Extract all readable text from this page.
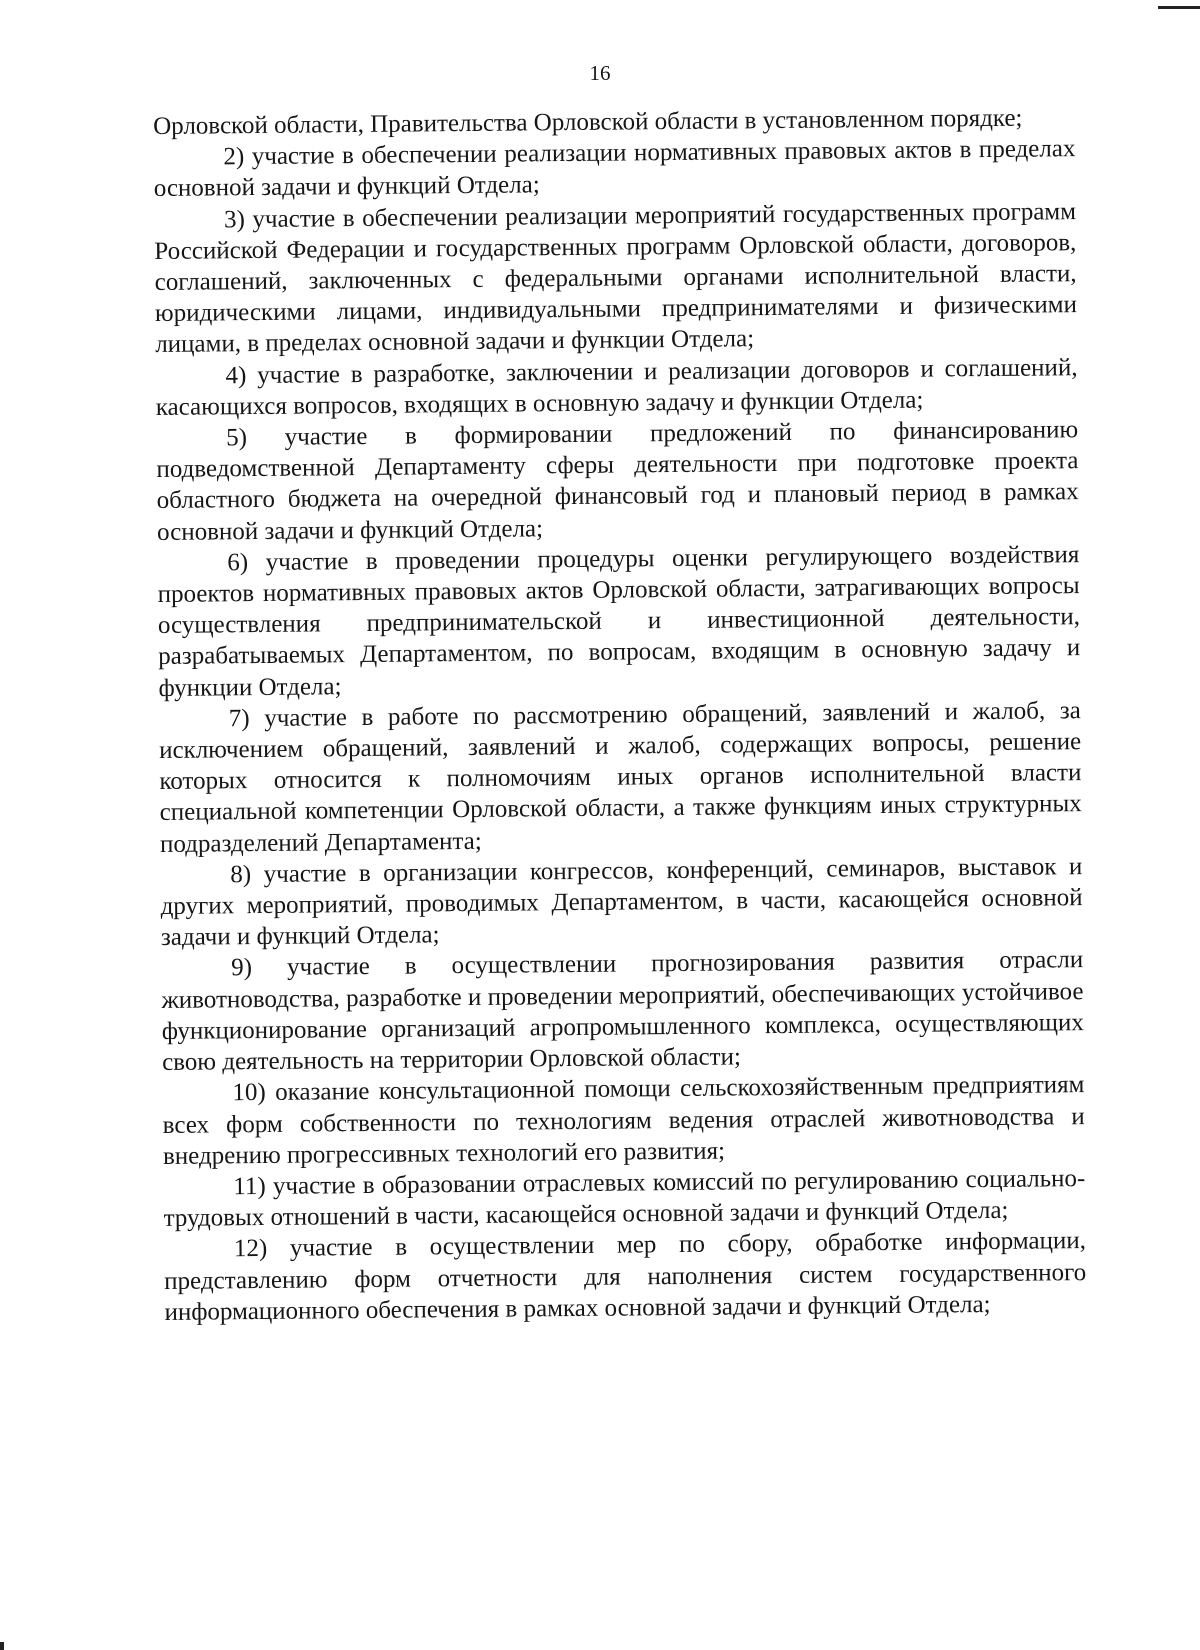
16

Орловской области, Правительства Орловской области в установленном порядке;

2) участие в обеспечении реализации нормативных правовых актов в пределах основной задачи и функций Отдела;

3) участие в обеспечении реализации мероприятий государственных программ Российской Федерации и государственных программ Орловской области, договоров, соглашений, заключенных с федеральными органами исполнительной власти, юридическими лицами, индивидуальными предпринимателями и физическими лицами, в пределах основной задачи и функции Отдела;

4) участие в разработке, заключении и реализации договоров и соглашений, касающихся вопросов, входящих в основную задачу и функции Отдела;

5) участие в формировании предложений по финансированию подведомственной Департаменту сферы деятельности при подготовке проекта областного бюджета на очередной финансовый год и плановый период в рамках основной задачи и функций Отдела;

6) участие в проведении процедуры оценки регулирующего воздействия проектов нормативных правовых актов Орловской области, затрагивающих вопросы осуществления предпринимательской и инвестиционной деятельности, разрабатываемых Департаментом, по вопросам, входящим в основную задачу и функции Отдела;

7) участие в работе по рассмотрению обращений, заявлений и жалоб, за исключением обращений, заявлений и жалоб, содержащих вопросы, решение которых относится к полномочиям иных органов исполнительной власти специальной компетенции Орловской области, а также функциям иных структурных подразделений Департамента;

8) участие в организации конгрессов, конференций, семинаров, выставок и других мероприятий, проводимых Департаментом, в части, касающейся основной задачи и функций Отдела;

9) участие в осуществлении прогнозирования развития отрасли животноводства, разработке и проведении мероприятий, обеспечивающих устойчивое функционирование организаций агропромышленного комплекса, осуществляющих свою деятельность на территории Орловской области;

10) оказание консультационной помощи сельскохозяйственным предприятиям всех форм собственности по технологиям ведения отраслей животноводства и внедрению прогрессивных технологий его развития;

11) участие в образовании отраслевых комиссий по регулированию социально-трудовых отношений в части, касающейся основной задачи и функций Отдела;

12) участие в осуществлении мер по сбору, обработке информации, представлению форм отчетности для наполнения систем государственного информационного обеспечения в рамках основной задачи и функций Отдела;
